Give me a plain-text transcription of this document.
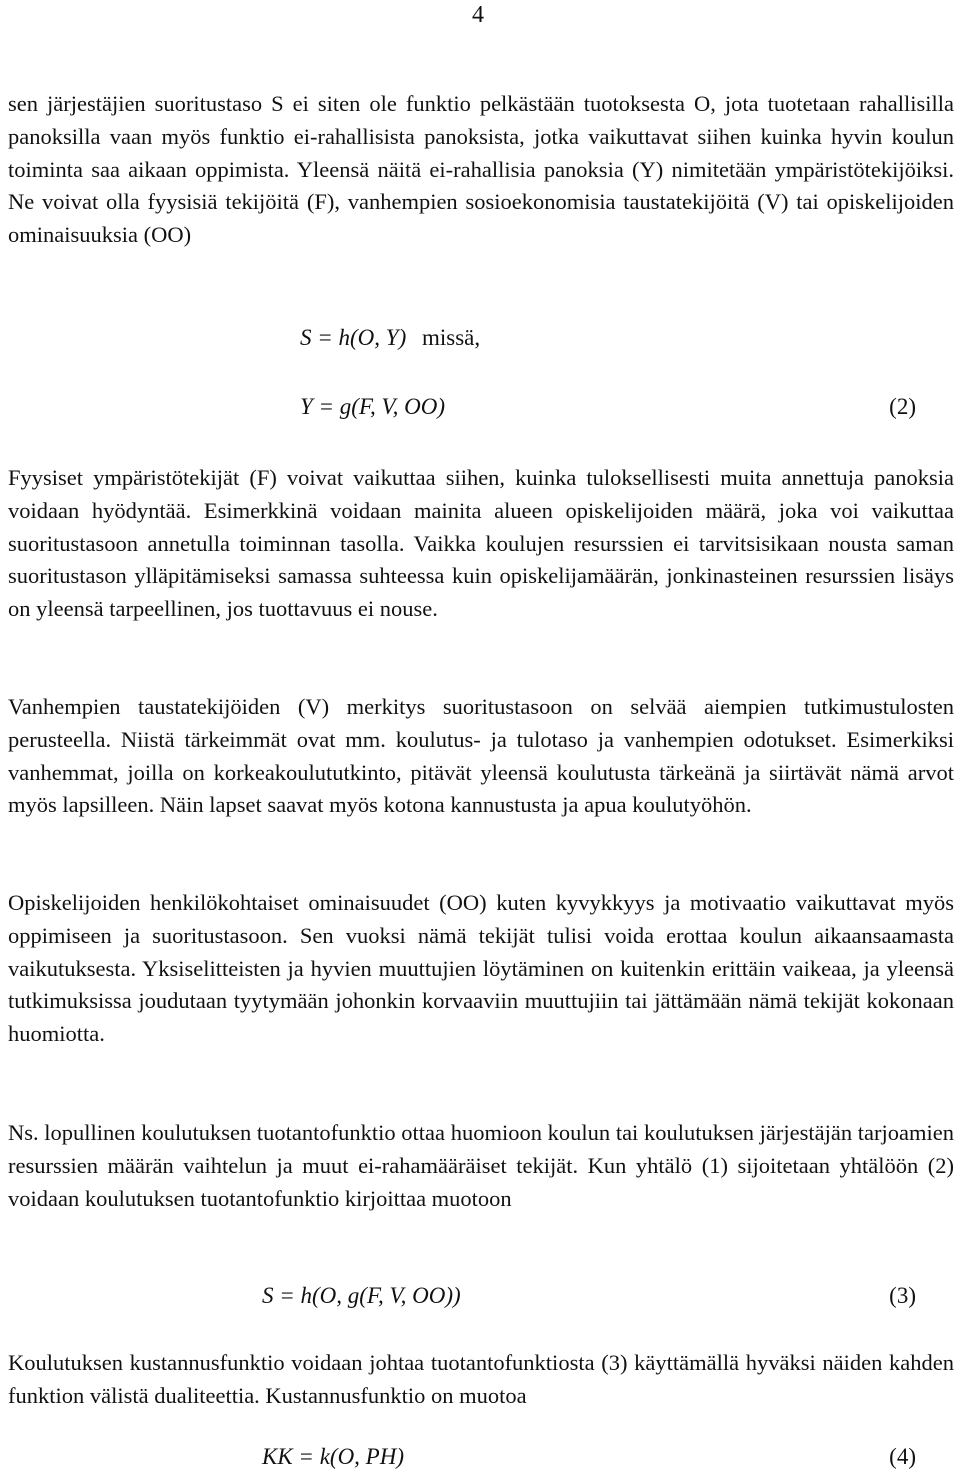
4

sen järjestäjien suoritustaso S ei siten ole funktio pelkästään tuotoksesta O, jota tuotetaan rahallisilla panoksilla vaan myös funktio ei-rahallisista panoksista, jotka vaikuttavat siihen kuinka hyvin koulun toiminta saa aikaan oppimista. Yleensä näitä ei-rahallisia panoksia (Y) nimitetään ympäristötekijöiksi. Ne voivat olla fyysisiä tekijöitä (F), vanhempien sosioekonomisia taustatekijöitä (V) tai opiskelijoiden ominaisuuksia (OO)

S = h(O, Y) missä,
Y = g(F, V, OO)	(2)

Fyysiset ympäristötekijät (F) voivat vaikuttaa siihen, kuinka tuloksellisesti muita annettuja panoksia voidaan hyödyntää. Esimerkkinä voidaan mainita alueen opiskelijoiden määrä, joka voi vaikuttaa suoritustasoon annetulla toiminnan tasolla. Vaikka koulujen resurssien ei tarvitsisikaan nousta saman suoritustason ylläpitämiseksi samassa suhteessa kuin opiskelijamäärän, jonkinasteinen resurssien lisäys on yleensä tarpeellinen, jos tuottavuus ei nouse.

Vanhempien taustatekijöiden (V) merkitys suoritustasoon on selvää aiempien tutkimustulosten perusteella. Niistä tärkeimmät ovat mm. koulutus- ja tulotaso ja vanhempien odotukset. Esimerkiksi vanhemmat, joilla on korkeakoulututkinto, pitävät yleensä koulutusta tärkeänä ja siirtävät nämä arvot myös lapsilleen. Näin lapset saavat myös kotona kannustusta ja apua koulutyöhön.

Opiskelijoiden henkilökohtaiset ominaisuudet (OO) kuten kyvykkyys ja motivaatio vaikuttavat myös oppimiseen ja suoritustasoon. Sen vuoksi nämä tekijät tulisi voida erottaa koulun aikaansaamasta vaikutuksesta. Yksiselitteisten ja hyvien muuttujien löytäminen on kuitenkin erittäin vaikeaa, ja yleensä tutkimuksissa joudutaan tyytymään johonkin korvaaviin muuttujiin tai jättämään nämä tekijät kokonaan huomiotta.

Ns. lopullinen koulutuksen tuotantofunktio ottaa huomioon koulun tai koulutuksen järjestäjän tarjoamien resurssien määrän vaihtelun ja muut ei-rahamääräiset tekijät. Kun yhtälö (1) sijoitetaan yhtälöön (2) voidaan koulutuksen tuotantofunktio kirjoittaa muotoon

S = h(O, g(F, V, OO))	(3)

Koulutuksen kustannusfunktio voidaan johtaa tuotantofunktiosta (3) käyttämällä hyväksi näiden kahden funktion välistä dualiteettia. Kustannusfunktio on muotoa

KK = k(O, PH)	(4)
